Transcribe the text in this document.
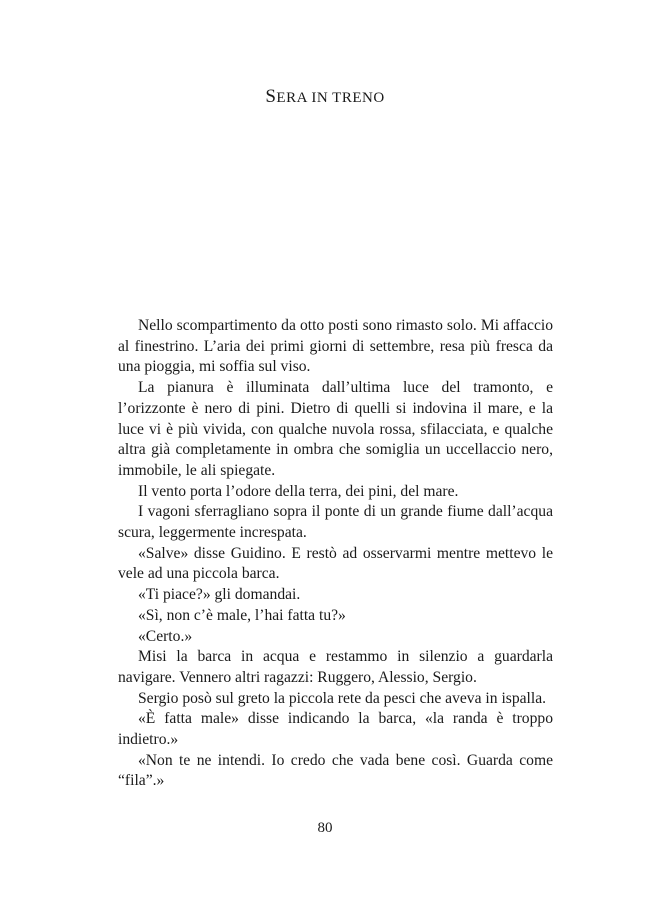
SERA IN TRENO

Nello scompartimento da otto posti sono rimasto solo. Mi affaccio al finestrino. L’aria dei primi giorni di settembre, resa più fresca da una pioggia, mi soffia sul viso.

La pianura è illuminata dall’ultima luce del tramonto, e l’orizzonte è nero di pini. Dietro di quelli si indovina il mare, e la luce vi è più vivida, con qualche nuvola rossa, sfilacciata, e qualche altra già completamente in ombra che somiglia un uccellaccio nero, immobile, le ali spiegate.

Il vento porta l’odore della terra, dei pini, del mare.

I vagoni sferragliano sopra il ponte di un grande fiume dall’acqua scura, leggermente increspata.

«Salve» disse Guidino. E restò ad osservarmi mentre mettevo le vele ad una piccola barca.

«Ti piace?» gli domandai.

«Sì, non c’è male, l’hai fatta tu?»

«Certo.»

Misi la barca in acqua e restammo in silenzio a guardarla navigare. Vennero altri ragazzi: Ruggero, Alessio, Sergio.

Sergio posò sul greto la piccola rete da pesci che aveva in ispalla.

«È fatta male» disse indicando la barca, «la randa è troppo indietro.»

«Non te ne intendi. Io credo che vada bene così. Guarda come “fila”.»

80
